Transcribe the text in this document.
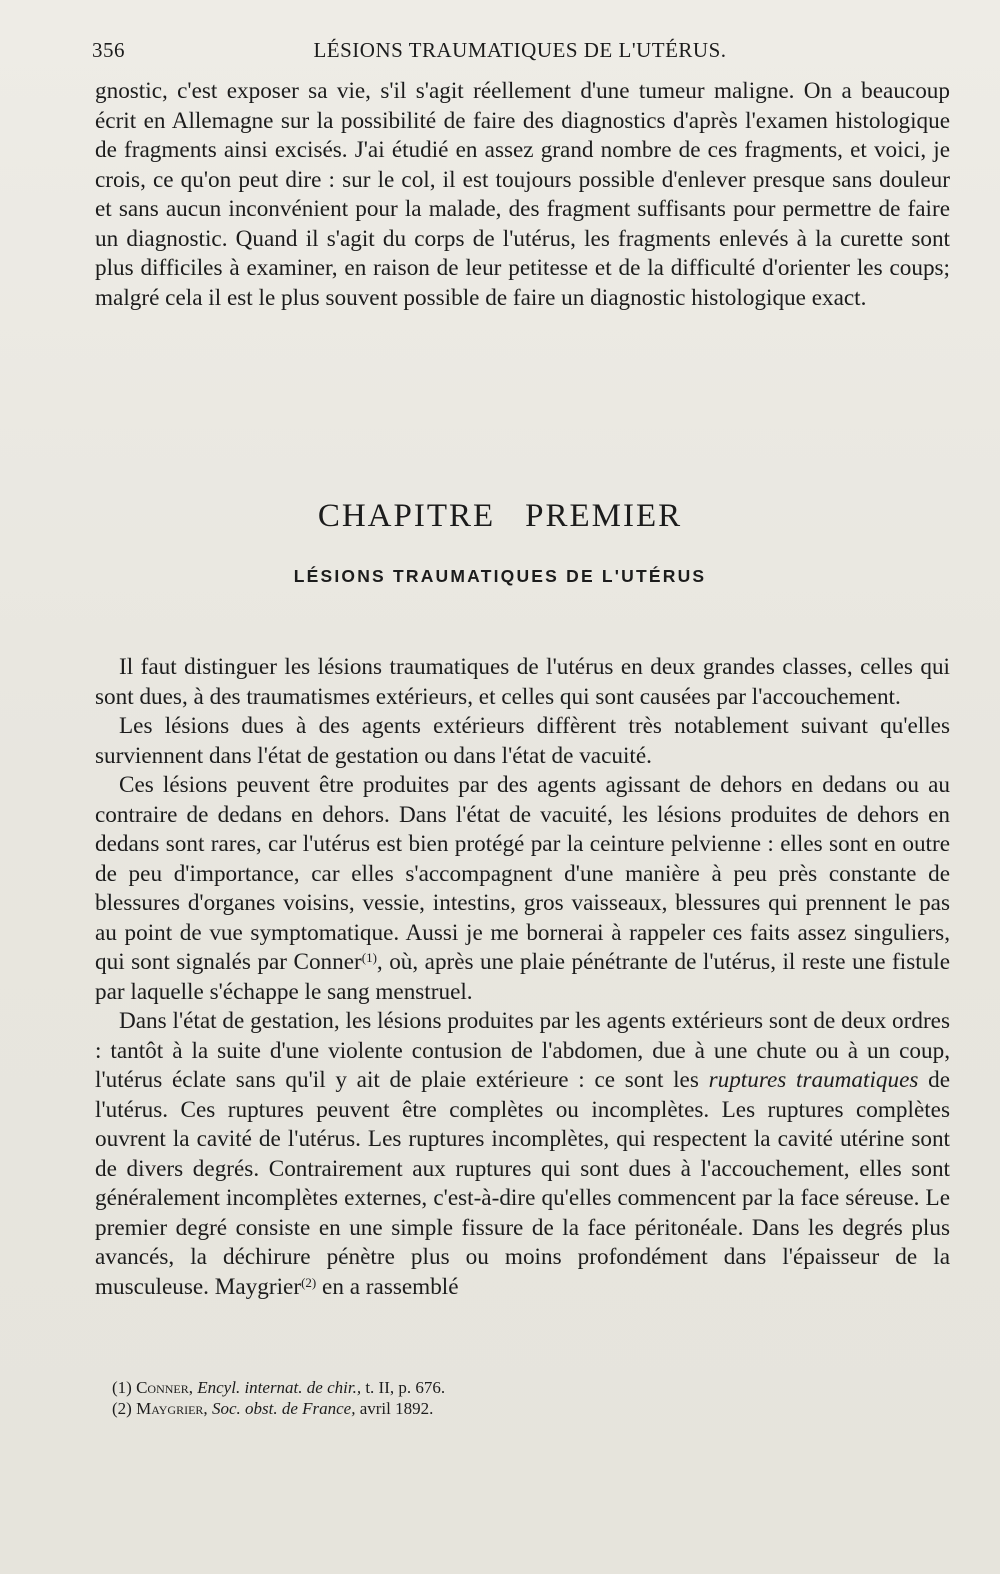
356	LÉSIONS TRAUMATIQUES DE L'UTÉRUS.

gnostic, c'est exposer sa vie, s'il s'agit réellement d'une tumeur maligne. On a beaucoup écrit en Allemagne sur la possibilité de faire des diagnostics d'après l'examen histologique de fragments ainsi excisés. J'ai étudié en assez grand nombre de ces fragments, et voici, je crois, ce qu'on peut dire : sur le col, il est toujours possible d'enlever presque sans douleur et sans aucun inconvénient pour la malade, des fragment suffisants pour permettre de faire un diagnostic. Quand il s'agit du corps de l'utérus, les fragments enlevés à la curette sont plus difficiles à examiner, en raison de leur petitesse et de la difficulté d'orienter les coups; malgré cela il est le plus souvent possible de faire un diagnostic histologique exact.

CHAPITRE PREMIER
LÉSIONS TRAUMATIQUES DE L'UTÉRUS

Il faut distinguer les lésions traumatiques de l'utérus en deux grandes classes, celles qui sont dues, à des traumatismes extérieurs, et celles qui sont causées par l'accouchement.

Les lésions dues à des agents extérieurs diffèrent très notablement suivant qu'elles surviennent dans l'état de gestation ou dans l'état de vacuité.

Ces lésions peuvent être produites par des agents agissant de dehors en dedans ou au contraire de dedans en dehors. Dans l'état de vacuité, les lésions produites de dehors en dedans sont rares, car l'utérus est bien protégé par la ceinture pelvienne : elles sont en outre de peu d'importance, car elles s'accompagnent d'une manière à peu près constante de blessures d'organes voisins, vessie, intestins, gros vaisseaux, blessures qui prennent le pas au point de vue symptomatique. Aussi je me bornerai à rappeler ces faits assez singuliers, qui sont signalés par Conner$^{(1)}$, où, après une plaie pénétrante de l'utérus, il reste une fistule par laquelle s'échappe le sang menstruel.

Dans l'état de gestation, les lésions produites par les agents extérieurs sont de deux ordres : tantôt à la suite d'une violente contusion de l'abdomen, due à une chute ou à un coup, l'utérus éclate sans qu'il y ait de plaie extérieure : ce sont les ruptures traumatiques de l'utérus. Ces ruptures peuvent être complètes ou incomplètes. Les ruptures complètes ouvrent la cavité de l'utérus. Les ruptures incomplètes, qui respectent la cavité utérine sont de divers degrés. Contrairement aux ruptures qui sont dues à l'accouchement, elles sont généralement incomplètes externes, c'est-à-dire qu'elles commencent par la face séreuse. Le premier degré consiste en une simple fissure de la face péritonéale. Dans les degrés plus avancés, la déchirure pénètre plus ou moins profondément dans l'épaisseur de la musculeuse. Maygrier$^{(2)}$ en a rassemblé

(1) Conner, Encyl. internat. de chir., t. II, p. 676.

(2) Maygrier, Soc. obst. de France, avril 1892.
